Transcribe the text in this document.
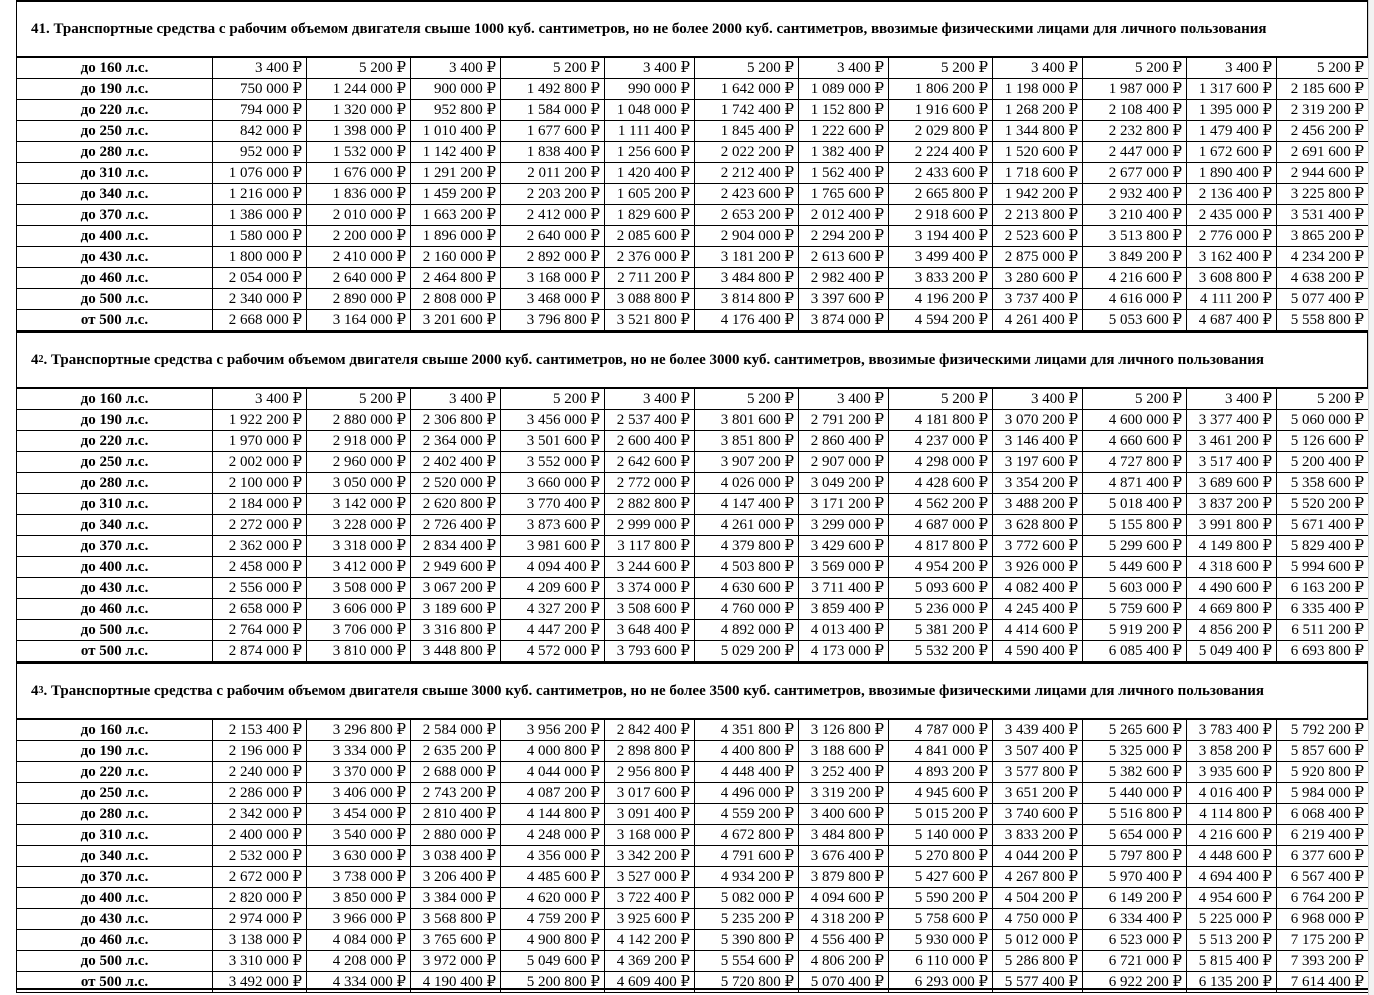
41 . Транспортные средства с рабочим объемом двигателя свыше 1000 куб. сантиметров, но не более 2000 куб. сантиметров, ввозимые физическими лицами для личного пользования
до 160 л.с.	3 400 ₽	5 200 ₽	3 400 ₽	5 200 ₽	3 400 ₽	5 200 ₽	3 400 ₽	5 200 ₽	3 400 ₽	5 200 ₽	3 400 ₽	5 200 ₽
до 190 л.с.	750 000 ₽	1 244 000 ₽	900 000 ₽	1 492 800 ₽	990 000 ₽	1 642 000 ₽	1 089 000 ₽	1 806 200 ₽	1 198 000 ₽	1 987 000 ₽	1 317 600 ₽	2 185 600 ₽
до 220 л.с.	794 000 ₽	1 320 000 ₽	952 800 ₽	1 584 000 ₽	1 048 000 ₽	1 742 400 ₽	1 152 800 ₽	1 916 600 ₽	1 268 200 ₽	2 108 400 ₽	1 395 000 ₽	2 319 200 ₽
до 250 л.с.	842 000 ₽	1 398 000 ₽	1 010 400 ₽	1 677 600 ₽	1 111 400 ₽	1 845 400 ₽	1 222 600 ₽	2 029 800 ₽	1 344 800 ₽	2 232 800 ₽	1 479 400 ₽	2 456 200 ₽
до 280 л.с.	952 000 ₽	1 532 000 ₽	1 142 400 ₽	1 838 400 ₽	1 256 600 ₽	2 022 200 ₽	1 382 400 ₽	2 224 400 ₽	1 520 600 ₽	2 447 000 ₽	1 672 600 ₽	2 691 600 ₽
до 310 л.с.	1 076 000 ₽	1 676 000 ₽	1 291 200 ₽	2 011 200 ₽	1 420 400 ₽	2 212 400 ₽	1 562 400 ₽	2 433 600 ₽	1 718 600 ₽	2 677 000 ₽	1 890 400 ₽	2 944 600 ₽
до 340 л.с.	1 216 000 ₽	1 836 000 ₽	1 459 200 ₽	2 203 200 ₽	1 605 200 ₽	2 423 600 ₽	1 765 600 ₽	2 665 800 ₽	1 942 200 ₽	2 932 400 ₽	2 136 400 ₽	3 225 800 ₽
до 370 л.с.	1 386 000 ₽	2 010 000 ₽	1 663 200 ₽	2 412 000 ₽	1 829 600 ₽	2 653 200 ₽	2 012 400 ₽	2 918 600 ₽	2 213 800 ₽	3 210 400 ₽	2 435 000 ₽	3 531 400 ₽
до 400 л.с.	1 580 000 ₽	2 200 000 ₽	1 896 000 ₽	2 640 000 ₽	2 085 600 ₽	2 904 000 ₽	2 294 200 ₽	3 194 400 ₽	2 523 600 ₽	3 513 800 ₽	2 776 000 ₽	3 865 200 ₽
до 430 л.с.	1 800 000 ₽	2 410 000 ₽	2 160 000 ₽	2 892 000 ₽	2 376 000 ₽	3 181 200 ₽	2 613 600 ₽	3 499 400 ₽	2 875 000 ₽	3 849 200 ₽	3 162 400 ₽	4 234 200 ₽
до 460 л.с.	2 054 000 ₽	2 640 000 ₽	2 464 800 ₽	3 168 000 ₽	2 711 200 ₽	3 484 800 ₽	2 982 400 ₽	3 833 200 ₽	3 280 600 ₽	4 216 600 ₽	3 608 800 ₽	4 638 200 ₽
до 500 л.с.	2 340 000 ₽	2 890 000 ₽	2 808 000 ₽	3 468 000 ₽	3 088 800 ₽	3 814 800 ₽	3 397 600 ₽	4 196 200 ₽	3 737 400 ₽	4 616 000 ₽	4 111 200 ₽	5 077 400 ₽
от 500 л.с.	2 668 000 ₽	3 164 000 ₽	3 201 600 ₽	3 796 800 ₽	3 521 800 ₽	4 176 400 ₽	3 874 000 ₽	4 594 200 ₽	4 261 400 ₽	5 053 600 ₽	4 687 400 ₽	5 558 800 ₽
4 2 . Транспортные средства с рабочим объемом двигателя свыше 2000 куб. сантиметров, но не более 3000 куб. сантиметров, ввозимые физическими лицами для личного пользования
до 160 л.с.	3 400 ₽	5 200 ₽	3 400 ₽	5 200 ₽	3 400 ₽	5 200 ₽	3 400 ₽	5 200 ₽	3 400 ₽	5 200 ₽	3 400 ₽	5 200 ₽
до 190 л.с.	1 922 200 ₽	2 880 000 ₽	2 306 800 ₽	3 456 000 ₽	2 537 400 ₽	3 801 600 ₽	2 791 200 ₽	4 181 800 ₽	3 070 200 ₽	4 600 000 ₽	3 377 400 ₽	5 060 000 ₽
до 220 л.с.	1 970 000 ₽	2 918 000 ₽	2 364 000 ₽	3 501 600 ₽	2 600 400 ₽	3 851 800 ₽	2 860 400 ₽	4 237 000 ₽	3 146 400 ₽	4 660 600 ₽	3 461 200 ₽	5 126 600 ₽
до 250 л.с.	2 002 000 ₽	2 960 000 ₽	2 402 400 ₽	3 552 000 ₽	2 642 600 ₽	3 907 200 ₽	2 907 000 ₽	4 298 000 ₽	3 197 600 ₽	4 727 800 ₽	3 517 400 ₽	5 200 400 ₽
до 280 л.с.	2 100 000 ₽	3 050 000 ₽	2 520 000 ₽	3 660 000 ₽	2 772 000 ₽	4 026 000 ₽	3 049 200 ₽	4 428 600 ₽	3 354 200 ₽	4 871 400 ₽	3 689 600 ₽	5 358 600 ₽
до 310 л.с.	2 184 000 ₽	3 142 000 ₽	2 620 800 ₽	3 770 400 ₽	2 882 800 ₽	4 147 400 ₽	3 171 200 ₽	4 562 200 ₽	3 488 200 ₽	5 018 400 ₽	3 837 200 ₽	5 520 200 ₽
до 340 л.с.	2 272 000 ₽	3 228 000 ₽	2 726 400 ₽	3 873 600 ₽	2 999 000 ₽	4 261 000 ₽	3 299 000 ₽	4 687 000 ₽	3 628 800 ₽	5 155 800 ₽	3 991 800 ₽	5 671 400 ₽
до 370 л.с.	2 362 000 ₽	3 318 000 ₽	2 834 400 ₽	3 981 600 ₽	3 117 800 ₽	4 379 800 ₽	3 429 600 ₽	4 817 800 ₽	3 772 600 ₽	5 299 600 ₽	4 149 800 ₽	5 829 400 ₽
до 400 л.с.	2 458 000 ₽	3 412 000 ₽	2 949 600 ₽	4 094 400 ₽	3 244 600 ₽	4 503 800 ₽	3 569 000 ₽	4 954 200 ₽	3 926 000 ₽	5 449 600 ₽	4 318 600 ₽	5 994 600 ₽
до 430 л.с.	2 556 000 ₽	3 508 000 ₽	3 067 200 ₽	4 209 600 ₽	3 374 000 ₽	4 630 600 ₽	3 711 400 ₽	5 093 600 ₽	4 082 400 ₽	5 603 000 ₽	4 490 600 ₽	6 163 200 ₽
до 460 л.с.	2 658 000 ₽	3 606 000 ₽	3 189 600 ₽	4 327 200 ₽	3 508 600 ₽	4 760 000 ₽	3 859 400 ₽	5 236 000 ₽	4 245 400 ₽	5 759 600 ₽	4 669 800 ₽	6 335 400 ₽
до 500 л.с.	2 764 000 ₽	3 706 000 ₽	3 316 800 ₽	4 447 200 ₽	3 648 400 ₽	4 892 000 ₽	4 013 400 ₽	5 381 200 ₽	4 414 600 ₽	5 919 200 ₽	4 856 200 ₽	6 511 200 ₽
от 500 л.с.	2 874 000 ₽	3 810 000 ₽	3 448 800 ₽	4 572 000 ₽	3 793 600 ₽	5 029 200 ₽	4 173 000 ₽	5 532 200 ₽	4 590 400 ₽	6 085 400 ₽	5 049 400 ₽	6 693 800 ₽
4 3 . Транспортные средства с рабочим объемом двигателя свыше 3000 куб. сантиметров, но не более 3500 куб. сантиметров, ввозимые физическими лицами для личного пользования
до 160 л.с.	2 153 400 ₽	3 296 800 ₽	2 584 000 ₽	3 956 200 ₽	2 842 400 ₽	4 351 800 ₽	3 126 800 ₽	4 787 000 ₽	3 439 400 ₽	5 265 600 ₽	3 783 400 ₽	5 792 200 ₽
до 190 л.с.	2 196 000 ₽	3 334 000 ₽	2 635 200 ₽	4 000 800 ₽	2 898 800 ₽	4 400 800 ₽	3 188 600 ₽	4 841 000 ₽	3 507 400 ₽	5 325 000 ₽	3 858 200 ₽	5 857 600 ₽
до 220 л.с.	2 240 000 ₽	3 370 000 ₽	2 688 000 ₽	4 044 000 ₽	2 956 800 ₽	4 448 400 ₽	3 252 400 ₽	4 893 200 ₽	3 577 800 ₽	5 382 600 ₽	3 935 600 ₽	5 920 800 ₽
до 250 л.с.	2 286 000 ₽	3 406 000 ₽	2 743 200 ₽	4 087 200 ₽	3 017 600 ₽	4 496 000 ₽	3 319 200 ₽	4 945 600 ₽	3 651 200 ₽	5 440 000 ₽	4 016 400 ₽	5 984 000 ₽
до 280 л.с.	2 342 000 ₽	3 454 000 ₽	2 810 400 ₽	4 144 800 ₽	3 091 400 ₽	4 559 200 ₽	3 400 600 ₽	5 015 200 ₽	3 740 600 ₽	5 516 800 ₽	4 114 800 ₽	6 068 400 ₽
до 310 л.с.	2 400 000 ₽	3 540 000 ₽	2 880 000 ₽	4 248 000 ₽	3 168 000 ₽	4 672 800 ₽	3 484 800 ₽	5 140 000 ₽	3 833 200 ₽	5 654 000 ₽	4 216 600 ₽	6 219 400 ₽
до 340 л.с.	2 532 000 ₽	3 630 000 ₽	3 038 400 ₽	4 356 000 ₽	3 342 200 ₽	4 791 600 ₽	3 676 400 ₽	5 270 800 ₽	4 044 200 ₽	5 797 800 ₽	4 448 600 ₽	6 377 600 ₽
до 370 л.с.	2 672 000 ₽	3 738 000 ₽	3 206 400 ₽	4 485 600 ₽	3 527 000 ₽	4 934 200 ₽	3 879 800 ₽	5 427 600 ₽	4 267 800 ₽	5 970 400 ₽	4 694 400 ₽	6 567 400 ₽
до 400 л.с.	2 820 000 ₽	3 850 000 ₽	3 384 000 ₽	4 620 000 ₽	3 722 400 ₽	5 082 000 ₽	4 094 600 ₽	5 590 200 ₽	4 504 200 ₽	6 149 200 ₽	4 954 600 ₽	6 764 200 ₽
до 430 л.с.	2 974 000 ₽	3 966 000 ₽	3 568 800 ₽	4 759 200 ₽	3 925 600 ₽	5 235 200 ₽	4 318 200 ₽	5 758 600 ₽	4 750 000 ₽	6 334 400 ₽	5 225 000 ₽	6 968 000 ₽
до 460 л.с.	3 138 000 ₽	4 084 000 ₽	3 765 600 ₽	4 900 800 ₽	4 142 200 ₽	5 390 800 ₽	4 556 400 ₽	5 930 000 ₽	5 012 000 ₽	6 523 000 ₽	5 513 200 ₽	7 175 200 ₽
до 500 л.с.	3 310 000 ₽	4 208 000 ₽	3 972 000 ₽	5 049 600 ₽	4 369 200 ₽	5 554 600 ₽	4 806 200 ₽	6 110 000 ₽	5 286 800 ₽	6 721 000 ₽	5 815 400 ₽	7 393 200 ₽
от 500 л.с.	3 492 000 ₽	4 334 000 ₽	4 190 400 ₽	5 200 800 ₽	4 609 400 ₽	5 720 800 ₽	5 070 400 ₽	6 293 000 ₽	5 577 400 ₽	6 922 200 ₽	6 135 200 ₽	7 614 400 ₽
